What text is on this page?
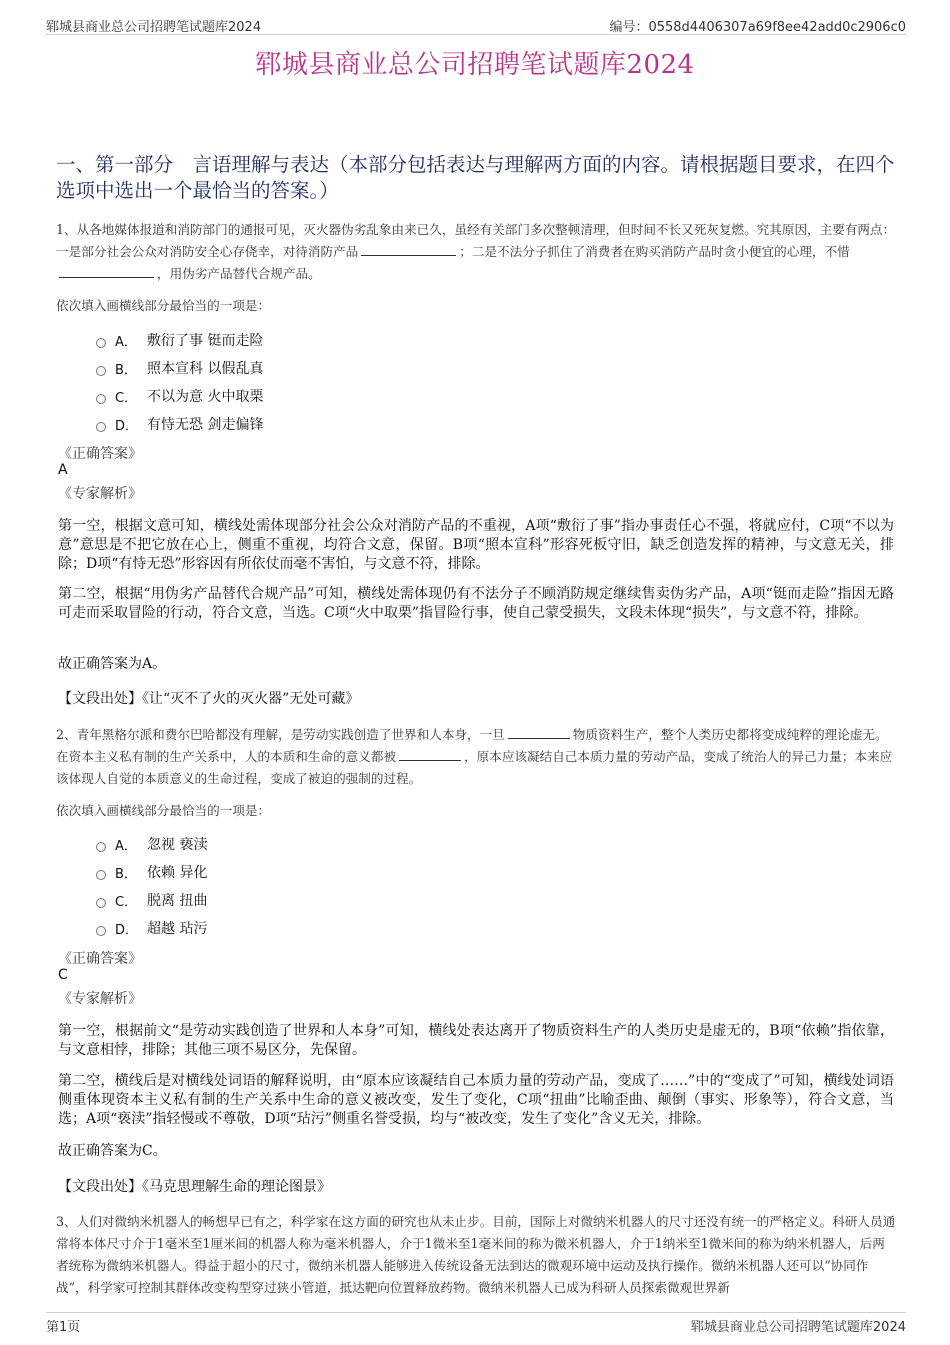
郓城县商业总公司招聘笔试题库2024	编号：0558d4406307a69f8ee42add0c2906c0
郓城县商业总公司招聘笔试题库2024
一、第一部分　言语理解与表达（本部分包括表达与理解两方面的内容。请根据题目要求，在四个选项中选出一个最恰当的答案。）
1、从各地媒体报道和消防部门的通报可见，灭火器伪劣乱象由来已久，虽经有关部门多次整顿清理，但时间不长又死灰复燃。究其原因，主要有两点：一是部分社会公众对消防安全心存侥幸，对待消防产品	；二是不法分子抓住了消费者在购买消防产品时贪小便宜的心理，不惜，用伪劣产品替代合规产品。
依次填入画横线部分最恰当的一项是：
A． 敷衍了事 铤而走险
B． 照本宣科 以假乱真
C． 不以为意 火中取栗
D． 有恃无恐 剑走偏锋
《正确答案》
A
《专家解析》
第一空，根据文意可知，横线处需体现部分社会公众对消防产品的不重视，A项“敷衍了事”指办事责任心不强，将就应付，C项“不以为意”意思是不把它放在心上，侧重不重视，均符合文意，保留。B项“照本宣科”形容死板守旧，缺乏创造发挥的精神，与文意无关，排除；D项“有恃无恐”形容因有所依仗而毫不害怕，与文意不符，排除。
第二空，根据“用伪劣产品替代合规产品”可知，横线处需体现仍有不法分子不顾消防规定继续售卖伪劣产品，A项“铤而走险”指因无路可走而采取冒险的行动，符合文意，当选。C项“火中取栗”指冒险行事，使自己蒙受损失，文段未体现“损失”，与文意不符，排除。
故正确答案为A。
【文段出处】《让“灭不了火的灭火器”无处可藏》
2、青年黑格尔派和费尔巴哈都没有理解，是劳动实践创造了世界和人本身，一旦	物质资料生产，整个人类历史都将变成纯粹的理论虚无。在资本主义私有制的生产关系中，人的本质和生命的意义都被	，原本应该凝结自己本质力量的劳动产品，变成了统治人的异己力量；本来应该体现人自觉的本质意义的生命过程，变成了被迫的强制的过程。
依次填入画横线部分最恰当的一项是：
A． 忽视 亵渎
B． 依赖 异化
C． 脱离 扭曲
D． 超越 玷污
《正确答案》
C
《专家解析》
第一空，根据前文“是劳动实践创造了世界和人本身”可知，横线处表达离开了物质资料生产的人类历史是虚无的，B项“依赖”指依靠，与文意相悖，排除；其他三项不易区分，先保留。
第二空，横线后是对横线处词语的解释说明，由“原本应该凝结自己本质力量的劳动产品，变成了……”中的“变成了”可知，横线处词语侧重体现资本主义私有制的生产关系中生命的意义被改变，发生了变化，C项“扭曲”比喻歪曲、颠倒（事实、形象等），符合文意，当选；A项“亵渎”指轻慢或不尊敬，D项“玷污”侧重名誉受损，均与“被改变，发生了变化”含义无关，排除。
故正确答案为C。
【文段出处】《马克思理解生命的理论图景》
3、人们对微纳米机器人的畅想早已有之，科学家在这方面的研究也从未止步。目前，国际上对微纳米机器人的尺寸还没有统一的严格定义。科研人员通常将本体尺寸介于1毫米至1厘米间的机器人称为毫米机器人，介于1微米至1毫米间的称为微米机器人，介于1纳米至1微米间的称为纳米机器人，后两者统称为微纳米机器人。得益于超小的尺寸，微纳米机器人能够进入传统设备无法到达的微观环境中运动及执行操作。微纳米机器人还可以“协同作战”，科学家可控制其群体改变构型穿过狭小管道，抵达靶向位置释放药物。微纳米机器人已成为科研人员探索微观世界新
第1页	郓城县商业总公司招聘笔试题库2024
